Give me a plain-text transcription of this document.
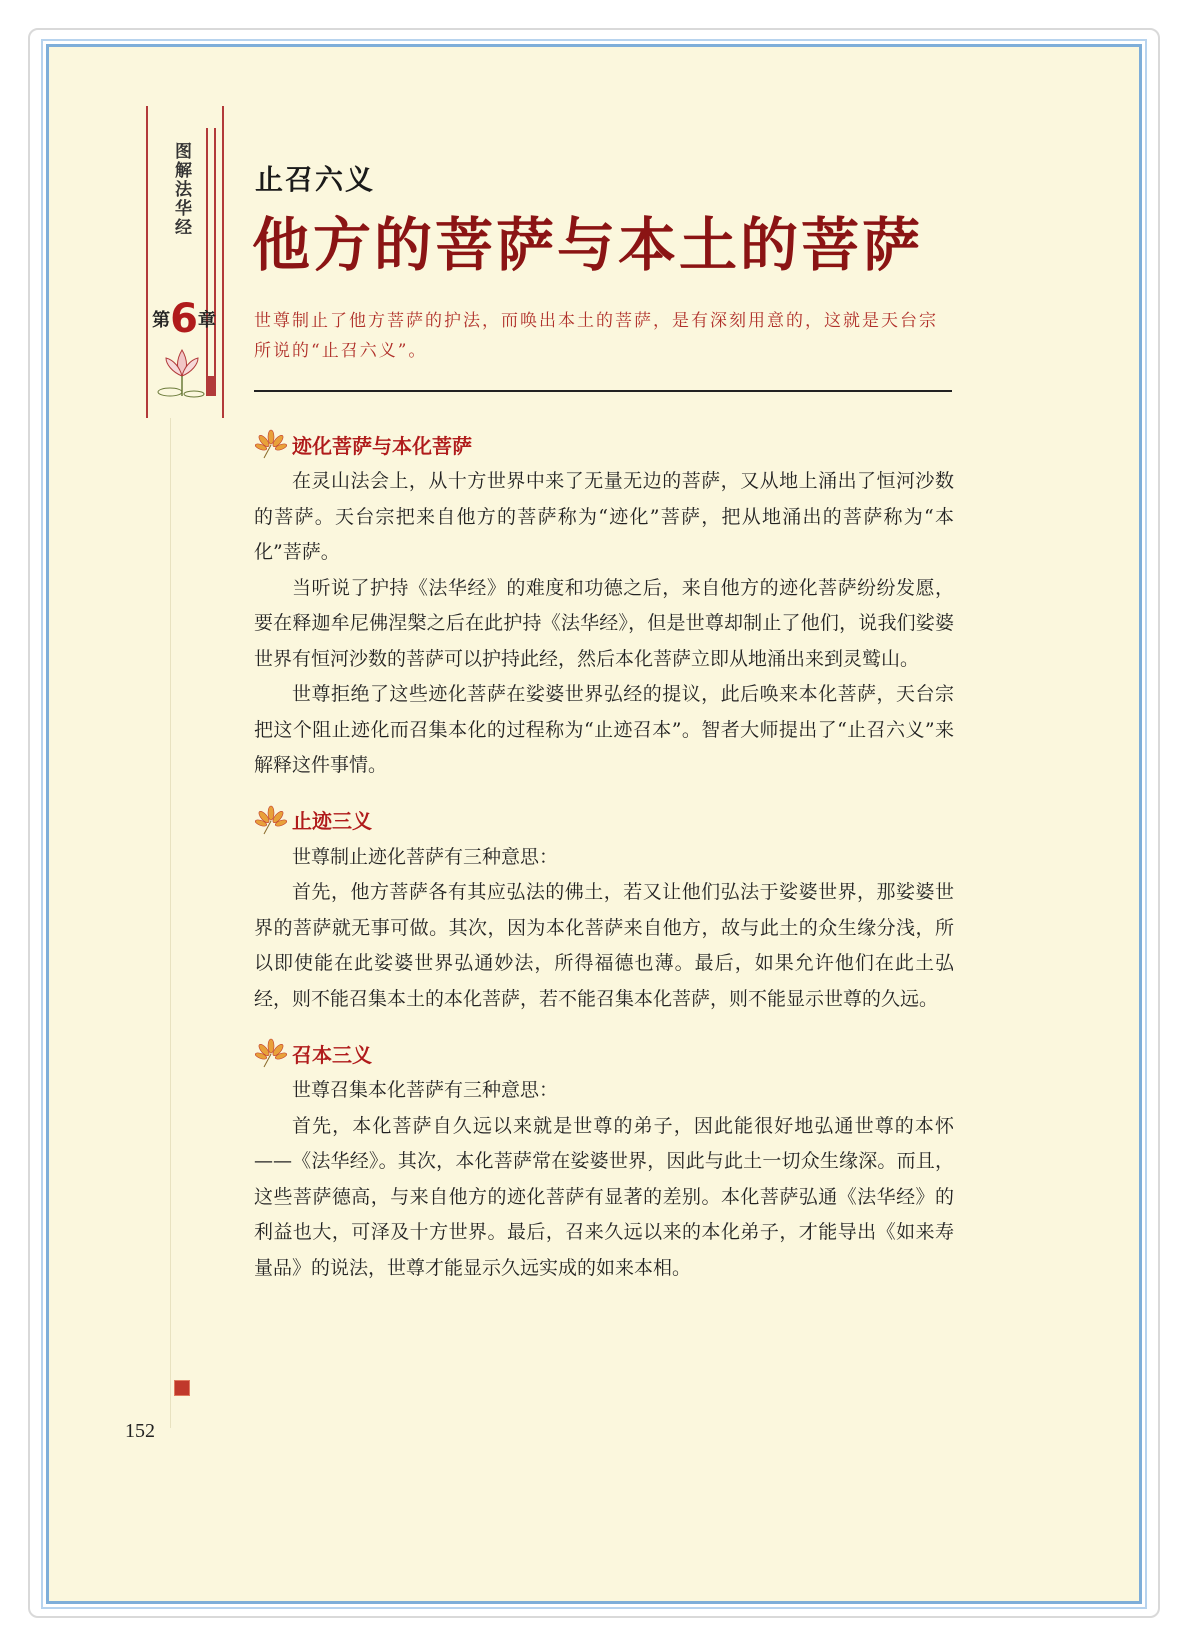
图解法华经
第6章
152
止召六义
他方的菩萨与本土的菩萨
世尊制止了他方菩萨的护法，而唤出本土的菩萨，是有深刻用意的，这就是天台宗所说的“止召六义”。
迹化菩萨与本化菩萨

在灵山法会上，从十方世界中来了无量无边的菩萨，又从地上涌出了恒河沙数的菩萨。天台宗把来自他方的菩萨称为“迹化”菩萨，把从地涌出的菩萨称为“本化”菩萨。

当听说了护持《法华经》的难度和功德之后，来自他方的迹化菩萨纷纷发愿，要在释迦牟尼佛涅槃之后在此护持《法华经》，但是世尊却制止了他们，说我们娑婆世界有恒河沙数的菩萨可以护持此经，然后本化菩萨立即从地涌出来到灵鹫山。

世尊拒绝了这些迹化菩萨在娑婆世界弘经的提议，此后唤来本化菩萨，天台宗把这个阻止迹化而召集本化的过程称为“止迹召本”。智者大师提出了“止召六义”来解释这件事情。

止迹三义

世尊制止迹化菩萨有三种意思：

首先，他方菩萨各有其应弘法的佛土，若又让他们弘法于娑婆世界，那娑婆世界的菩萨就无事可做。其次，因为本化菩萨来自他方，故与此土的众生缘分浅，所以即使能在此娑婆世界弘通妙法，所得福德也薄。最后，如果允许他们在此土弘经，则不能召集本土的本化菩萨，若不能召集本化菩萨，则不能显示世尊的久远。

召本三义

世尊召集本化菩萨有三种意思：

首先，本化菩萨自久远以来就是世尊的弟子，因此能很好地弘通世尊的本怀——《法华经》。其次，本化菩萨常在娑婆世界，因此与此土一切众生缘深。而且，这些菩萨德高，与来自他方的迹化菩萨有显著的差别。本化菩萨弘通《法华经》的利益也大，可泽及十方世界。最后，召来久远以来的本化弟子，才能导出《如来寿量品》的说法，世尊才能显示久远实成的如来本相。
